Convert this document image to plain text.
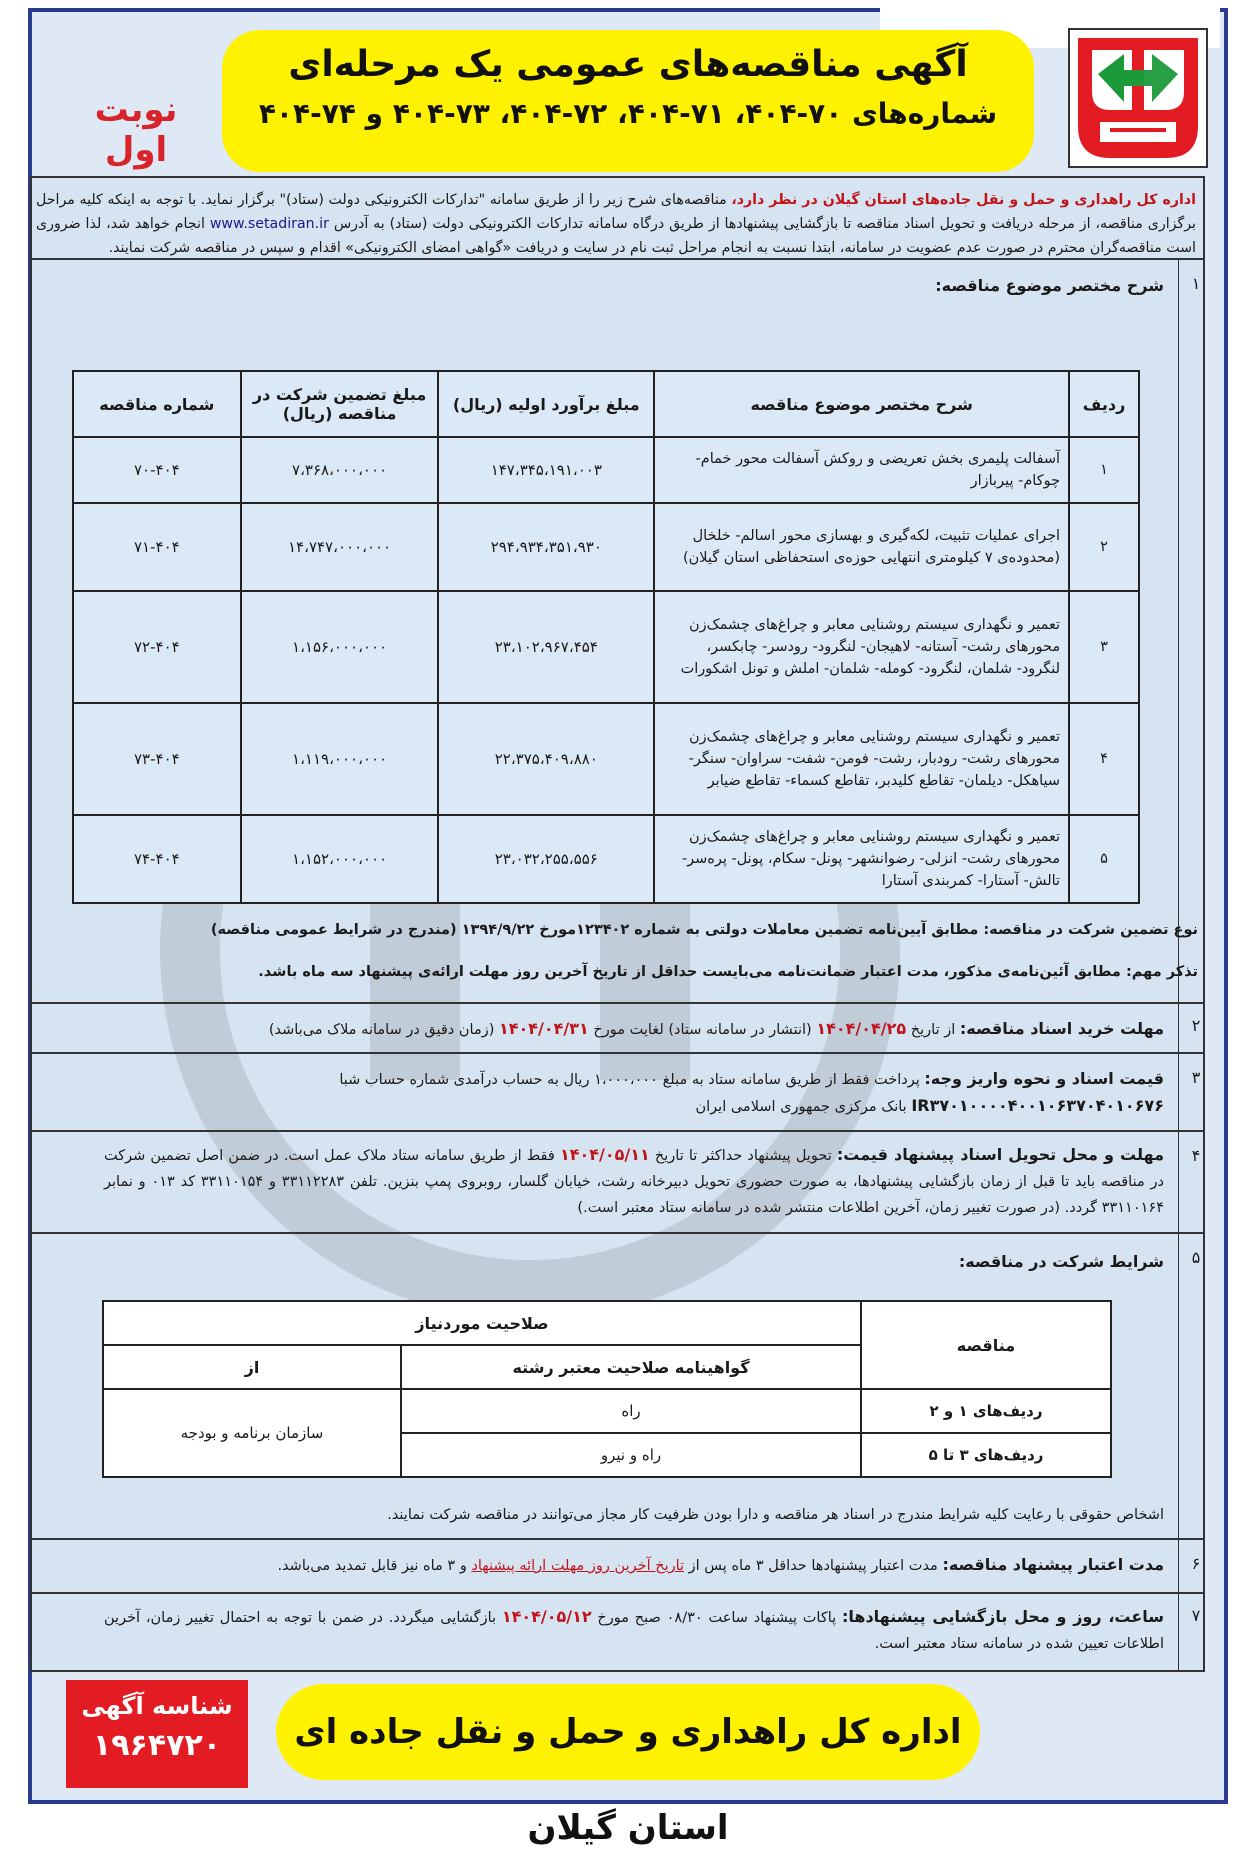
آگهی مناقصه‌های عمومی یک مرحله‌ای
شماره‌های ۷۰-۴۰۴، ۷۱-۴۰۴، ۷۲-۴۰۴، ۷۳-۴۰۴ و ۷۴-۴۰۴
نوبت اول
اداره کل راهداری و حمل و نقل جاده‌های استان گیلان در نظر دارد، مناقصه‌های شرح زیر را از طریق سامانه "تدارکات الکترونیکی دولت (ستاد)" برگزار نماید. با توجه به اینکه کلیه مراحل برگزاری مناقصه، از مرحله دریافت و تحویل اسناد مناقصه تا بازگشایی پیشنهادها از طریق درگاه سامانه تدارکات الکترونیکی دولت (ستاد) به آدرس www.setadiran.ir انجام خواهد شد، لذا ضروری است مناقصه‌گران محترم در صورت عدم عضویت در سامانه، ابتدا نسبت به انجام مراحل ثبت نام در سایت و دریافت «گواهی امضای الکترونیکی» اقدام و سپس در مناقصه شرکت نمایند.
۱
شرح مختصر موضوع مناقصه:
ردیف	شرح مختصر موضوع مناقصه	مبلغ برآورد اولیه (ریال)	مبلغ تضمین شرکت در مناقصه (ریال)	شماره مناقصه
۱	آسفالت پلیمری بخش تعریضی و روکش آسفالت محور خمام- چوکام- پیربازار	۱۴۷،۳۴۵،۱۹۱،۰۰۳	۷،۳۶۸،۰۰۰،۰۰۰	۷۰-۴۰۴
۲	اجرای عملیات تثبیت، لکه‌گیری و بهسازی محور اسالم- خلخال (محدوده‌ی ۷ کیلومتری انتهایی حوزه‌ی استحفاظی استان گیلان)	۲۹۴،۹۳۴،۳۵۱،۹۳۰	۱۴،۷۴۷،۰۰۰،۰۰۰	۷۱-۴۰۴
۳	تعمیر و نگهداری سیستم روشنایی معابر و چراغ‌های چشمک‌زن محورهای رشت- آستانه- لاهیجان- لنگرود- رودسر- چابکسر، لنگرود- شلمان، لنگرود- کومله- شلمان- املش و تونل اشکورات	۲۳،۱۰۲،۹۶۷،۴۵۴	۱،۱۵۶،۰۰۰،۰۰۰	۷۲-۴۰۴
۴	تعمیر و نگهداری سیستم روشنایی معابر و چراغ‌های چشمک‌زن محورهای رشت- رودبار، رشت- فومن- شفت- سراوان- سنگر- سیاهکل- دیلمان- تقاطع کلیدبر، تقاطع کسماء- تقاطع ضیابر	۲۲،۳۷۵،۴۰۹،۸۸۰	۱،۱۱۹،۰۰۰،۰۰۰	۷۳-۴۰۴
۵	تعمیر و نگهداری سیستم روشنایی معابر و چراغ‌های چشمک‌زن محورهای رشت- انزلی- رضوانشهر- پونل- سکام، پونل- پره‌سر- تالش- آستارا- کمربندی آستارا	۲۳،۰۳۲،۲۵۵،۵۵۶	۱،۱۵۲،۰۰۰،۰۰۰	۷۴-۴۰۴
نوع تضمین شرکت در مناقصه: مطابق آیین‌نامه تضمین معاملات دولتی به شماره ۱۲۳۴۰۲مورخ ۱۳۹۴/۹/۲۲ (مندرج در شرایط عمومی مناقصه)
تذکر مهم: مطابق آئین‌نامه‌ی مذکور، مدت اعتبار ضمانت‌نامه می‌بایست حداقل از تاریخ آخرین روز مهلت ارائه‌ی پیشنهاد سه ماه باشد.
۲
مهلت خرید اسناد مناقصه: از تاریخ ۱۴۰۴/۰۴/۲۵ (انتشار در سامانه ستاد) لغایت مورخ ۱۴۰۴/۰۴/۳۱ (زمان دقیق در سامانه ملاک می‌باشد)
۳
قیمت اسناد و نحوه واریز وجه: پرداخت فقط از طریق سامانه ستاد به مبلغ ۱،۰۰۰،۰۰۰ ریال به حساب درآمدی شماره حساب شبا
IR۳۷۰۱۰۰۰۰۴۰۰۱۰۶۳۷۰۴۰۱۰۶۷۶ بانک مرکزی جمهوری اسلامی ایران
۴
مهلت و محل تحویل اسناد پیشنهاد قیمت: تحویل پیشنهاد حداکثر تا تاریخ ۱۴۰۴/۰۵/۱۱ فقط از طریق سامانه ستاد ملاک عمل است. در ضمن اصل تضمین شرکت در مناقصه باید تا قبل از زمان بازگشایی پیشنهادها، به صورت حضوری تحویل دبیرخانه رشت، خیابان گلسار، روبروی پمپ بنزین. تلفن ۳۳۱۱۲۲۸۳ و ۳۳۱۱۰۱۵۴ کد ۰۱۳ و نمابر ۳۳۱۱۰۱۶۴ گردد. (در صورت تغییر زمان، آخرین اطلاعات منتشر شده در سامانه ستاد معتبر است.)
۵
شرایط شرکت در مناقصه:
مناقصه	صلاحیت موردنیاز	
	گواهینامه صلاحیت معتبر رشته	از
ردیف‌های ۱ و ۲	راه	سازمان برنامه و بودجه
ردیف‌های ۳ تا ۵	راه و نیرو	
اشخاص حقوقی با رعایت کلیه شرایط مندرج در اسناد هر مناقصه و دارا بودن ظرفیت کار مجاز می‌توانند در مناقصه شرکت نمایند.
۶
مدت اعتبار پیشنهاد مناقصه: مدت اعتبار پیشنهادها حداقل ۳ ماه پس از تاریخ آخرین روز مهلت ارائه پیشنهاد و ۳ ماه نیز قابل تمدید می‌باشد.
۷
ساعت، روز و محل بازگشایی پیشنهادها: پاکات پیشنهاد ساعت ۰۸/۳۰ صبح مورخ ۱۴۰۴/۰۵/۱۲ بازگشایی میگردد. در ضمن با توجه به احتمال تغییر زمان، آخرین اطلاعات تعیین شده در سامانه ستاد معتبر است.
شناسه آگهی
۱۹۶۴۷۲۰	اداره کل راهداری و حمل و نقل جاده ای استان گیلان
